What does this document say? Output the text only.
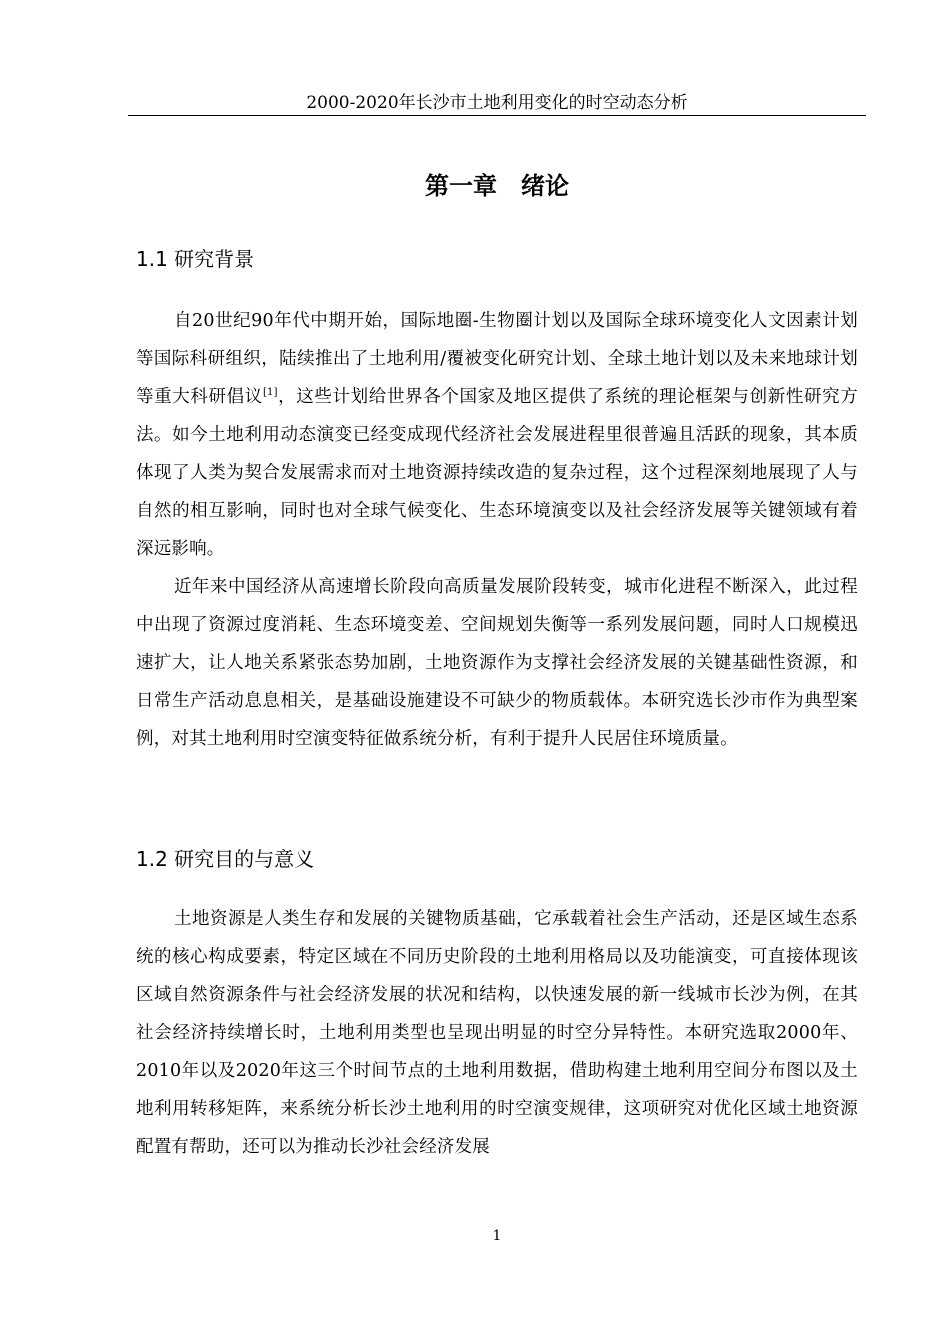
2000-2020年长沙市土地利用变化的时空动态分析
第一章　绪论
1.1 研究背景

自20世纪90年代中期开始，国际地圈-生物圈计划以及国际全球环境变化人文因素计划等国际科研组织，陆续推出了土地利用/覆被变化研究计划、全球土地计划以及未来地球计划等重大科研倡议[1]，这些计划给世界各个国家及地区提供了系统的理论框架与创新性研究方法。如今土地利用动态演变已经变成现代经济社会发展进程里很普遍且活跃的现象，其本质体现了人类为契合发展需求而对土地资源持续改造的复杂过程，这个过程深刻地展现了人与自然的相互影响，同时也对全球气候变化、生态环境演变以及社会经济发展等关键领域有着深远影响。

近年来中国经济从高速增长阶段向高质量发展阶段转变，城市化进程不断深入，此过程中出现了资源过度消耗、生态环境变差、空间规划失衡等一系列发展问题，同时人口规模迅速扩大，让人地关系紧张态势加剧，土地资源作为支撑社会经济发展的关键基础性资源，和日常生产活动息息相关，是基础设施建设不可缺少的物质载体。本研究选长沙市作为典型案例，对其土地利用时空演变特征做系统分析，有利于提升人民居住环境质量。

1.2 研究目的与意义

土地资源是人类生存和发展的关键物质基础，它承载着社会生产活动，还是区域生态系统的核心构成要素，特定区域在不同历史阶段的土地利用格局以及功能演变，可直接体现该区域自然资源条件与社会经济发展的状况和结构，以快速发展的新一线城市长沙为例，在其社会经济持续增长时，土地利用类型也呈现出明显的时空分异特性。本研究选取2000年、2010年以及2020年这三个时间节点的土地利用数据，借助构建土地利用空间分布图以及土地利用转移矩阵，来系统分析长沙土地利用的时空演变规律，这项研究对优化区域土地资源配置有帮助，还可以为推动长沙社会经济发展

1
